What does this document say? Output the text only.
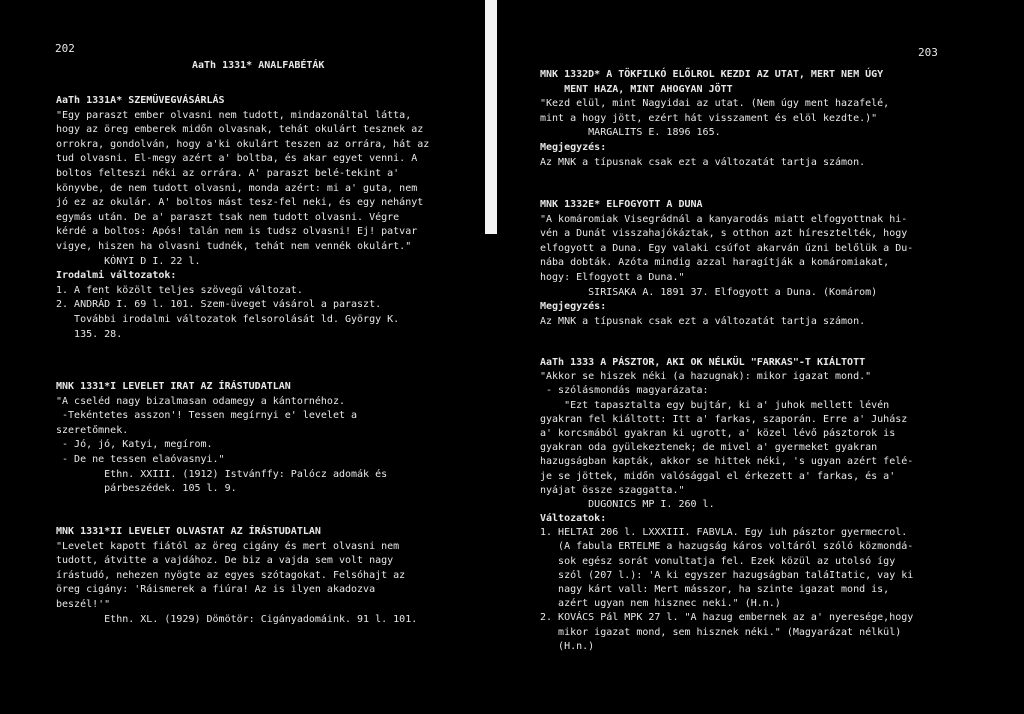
202
AaTh 1331* ANALFABÉTÁK
AaTh 1331A* SZEMÜVEGVÁSÁRLÁS
"Egy paraszt ember olvasni nem tudott, mindazonáltal látta,
hogy az öreg emberek midőn olvasnak, tehát okulárt tesznek az
orrokra, gondolván, hogy a'ki okulárt teszen az orrára, hát az
tud olvasni. El-megy azért a' boltba, és akar egyet venni. A
boltos felteszi néki az orrára. A' paraszt belé-tekint a'
könyvbe, de nem tudott olvasni, monda azért: mi a' guta, nem
jó ez az okulár. A' boltos mást tesz-fel neki, és egy nehányt
egymás után. De a' paraszt tsak nem tudott olvasni. Végre
kérdé a boltos: Após! talán nem is tudsz olvasni! Ej! patvar
vigye, hiszen ha olvasni tudnék, tehát nem vennék okulárt."
KÓNYI D I. 22 l.
Irodalmi változatok:
1. A fent közölt teljes szövegű változat.
2. ANDRÁD I. 69 l. 101. Szem-üveget vásárol a paraszt.
További irodalmi változatok felsorolását ld. György K.
135. 28.
MNK 1331*I LEVELET IRAT AZ ÍRÁSTUDATLAN
"A cseléd nagy bizalmasan odamegy a kántornéhoz.
-Tekéntetes asszon'! Tessen megírnyi e' levelet a
szeretőmnek.
- Jó, jó, Katyi, megírom.
- De ne tessen elaóvasnyi."
Ethn. XXIII. (1912) Istvánffy: Palócz adomák és
párbeszédek. 105 l. 9.
MNK 1331*II LEVELET OLVASTAT AZ ÍRÁSTUDATLAN
"Levelet kapott fiától az öreg cigány és mert olvasni nem
tudott, átvitte a vajdához. De biz a vajda sem volt nagy
írástudó, nehezen nyögte az egyes szótagokat. Felsóhajt az
öreg cigány: 'Ráismerek a fiúra! Az is ilyen akadozva
beszél!'"
Ethn. XL. (1929) Dömötör: Cigányadomáink. 91 l. 101.
203
MNK 1332D* A TÖKFILKÓ ELŐLROL KEZDI AZ UTAT, MERT NEM ÚGY
MENT HAZA, MINT AHOGYAN JÖTT
"Kezd elül, mint Nagyidai az utat. (Nem úgy ment hazafelé,
mint a hogy jött, ezért hát visszament és elöl kezdte.)"
MARGALITS E. 1896 165.
Megjegyzés:
Az MNK a típusnak csak ezt a változatát tartja számon.
MNK 1332E* ELFOGYOTT A DUNA
"A komáromiak Visegrádnál a kanyarodás miatt elfogyottnak hi-
vén a Dunát visszahajókáztak, s otthon azt híresztelték, hogy
elfogyott a Duna. Egy valaki csúfot akarván űzni belőlük a Du-
nába dobták. Azóta mindig azzal haragítják a komáromiakat,
hogy: Elfogyott a Duna."
SIRISAKA A. 1891 37. Elfogyott a Duna. (Komárom)
Megjegyzés:
Az MNK a típusnak csak ezt a változatát tartja számon.
AaTh 1333 A PÁSZTOR, AKI OK NÉLKÜL "FARKAS"-T KIÁLTOTT
"Akkor se hiszek néki (a hazugnak): mikor igazat mond."
- szólásmondás magyarázata:
"Ezt tapasztalta egy bujtár, ki a' juhok mellett lévén
gyakran fel kiáltott: Itt a' farkas, szaporán. Erre a' Juhász
a' korcsmából gyakran ki ugrott, a' közel lévő pásztorok is
gyakran oda gyülekeztenek; de mivel a' gyermeket gyakran
hazugságban kapták, akkor se hittek néki, 's ugyan azért felé-
je se jöttek, midőn valósággal el érkezett a' farkas, és a'
nyájat össze szaggatta."
DUGONICS MP I. 260 l.
Változatok:
1. HELTAI 206 l. LXXXIII. FABVLA. Egy iuh pásztor gyermecrol.
(A fabula ERTELME a hazugság káros voltáról szóló közmondá-
sok egész sorát vonultatja fel. Ezek közül az utolsó így
szól (207 l.): 'A ki egyszer hazugságban taláItatic, vay ki
nagy kárt vall: Mert másszor, ha szinte igazat mond is,
azért ugyan nem hisznec neki." (H.n.)
2. KOVÁCS Pál MPK 27 l. "A hazug embernek az a' nyeresége,hogy
mikor igazat mond, sem hisznek néki." (Magyarázat nélkül)
(H.n.)
